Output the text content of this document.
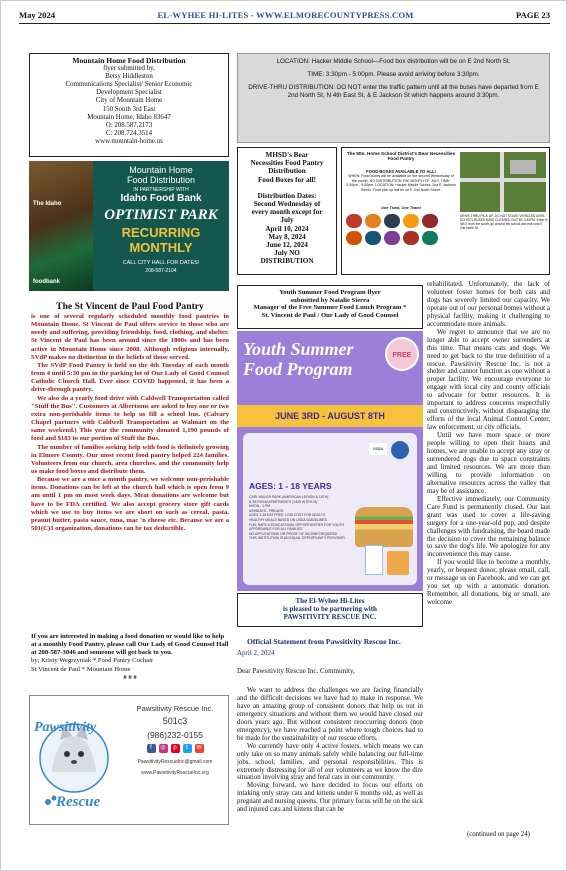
May 2024	EL-WYHEE HI-LITES - WWW.ELMORECOUNTYPRESS.COM	PAGE 23
Mountain Home Food Distribution
flyer submitted by,
Betsy Hiddleston
Communications Specialist/ Senior Economic
Development Specialist
City of Mountain Home
150 South 3rd East
Mountain Home, Idaho 83647
O: 208.587.2173
C: 208.724.3514
www.mountain-home.us
The Idaho
foodbank
Mountain Home
Food Distribution
IN PARTNERSHIP WITH
Idaho Food Bank
OPTIMIST PARK
RECURRING
MONTHLY
CALL CITY HALL FOR DATES!
208-587-2104
The St Vincent de Paul Food Pantry

is one of several regularly scheduled monthly food pantries in Mountain Home. St Vincent de Paul offers service to those who are needy and suffering, providing friendship, food, clothing, and shelter. St Vincent de Paul has been around since the 1800s and has been active in Mountain Home since 2008. Although religious internally, SVdP makes no distinction in the beliefs of those served.

The SVdP Food Pantry is held on the 4th Tuesday of each month from 4 until 5:30 pm in the parking lot of Our Lady of Good Counsel Catholic Church Hall. Ever since COVID happened, it has been a drive-through pantry.

We also do a yearly food drive with Caldwell Transportation called "Stuff the Bus". Customers at Albertsons are asked to buy one or two extra non-perishable items to help us fill a school bus. (Calvary Chapel partners with Caldwell Transportation at Walmart on the same weekend.) This year the community donated 1,190 pounds of food and $183 to our portion of Stuff the Bus.

The number of families seeking help with food is definitely growing in Elmore County. Our most recent food pantry helped 224 families. Volunteers from our church, area churches, and the community help us make food boxes and distribute them.

Because we are a once a month pantry, we welcome non-perishable items. Donations can be left at the church hall which is open from 9 am until 1 pm on most week days. Meat donations are welcome but have to be FDA certified. We also accept grocery store gift cards which we use to buy items we are short on such as cereal, pasta, peanut butter, pasta sauce, tuna, mac 'n cheese etc. Because we are a 501(C)3 organization, donations can be tax deductible.

If you are interested in making a food donation or would like to help at a monthly Food Pantry, please call Our Lady of Good Counsel Hall at 208-587-3046 and someone will get back to you.
by; Kristy Wegrzyniak * Food Pantry Cochair
St Vincent de Paul * Mountain Home
# # #
Pawsitivity
Rescue
Pawsitivity Rescue Inc.
501c3
(986)232-0155
f	◎	p	t	✉
PawsitivityRescueInc@gmail.com
www.PawsitivityRescueInc.org
LOCATION: Hacker Middle School—Food box distribution will be on E 2nd North St.
TIME: 3:30pm - 5:00pm. Please avoid arriving before 3:30pm.
DRIVE-THRU DISTRIBUTION: DO NOT enter the traffic pattern until all the buses have departed from E 2nd North St, N 4th East St, & E Jackson St which happens around 3:30pm.
MHSD's Bear
Necessities Food Pantry
Distribution
Food Boxes for all!
Distribution Dates:
Second Wednesday of
every month except for
July
April 10, 2024
May 8, 2024
June 12, 2024
July NO
DISTRIBUTION
The Mtn. Home School District's Bear Necessities Food Pantry
FOOD BOXES AVAILABLE TO ALL!
WHEN: Food boxes will be available on the second Wednesday of the month. NO DISTRIBUTION THE MONTH OF JULY. TIME: 3:30pm - 5:00pm. LOCATION: Hacker Middle School, 2nd E Jackson Street. Food pick up will be on E 2nd North Street.
One Town, One Team!
DRIVE-THRU PICK UP. DO NOT STAGE VEHICLES UNTIL SCHOOL BUSES HAVE CLEARED OUT BY 3:40PM. Enter N 4th E from the south, go around the school and exit onto E 2nd North St.
Youth Summer Food Program flyer
submitted by Natalie Sierra
Manager of the Free Summer Food Lunch Program *
St. Vincent de Paul / Our Lady of Good Counsel
FREE
Youth Summer
Food Program
JUNE 3RD - AUGUST 8TH
USDA
AGES: 1 - 18 YEARS
CARL MILLER PARK (AMERICAN LEGION & 10TH)
& SKYVIEW APARTMENTS (1425 W 5TH N)
NOON - 1 PM
MONDAYS - FRIDAYS
AGES 1-18 EAT FREE, LOW COST FOR ADULTS
HEALTHY MEALS BASED ON USDA GUIDELINES
FUN, SAFE & EDUCATIONAL OPPORTUNITIES FOR YOUTH
AFFORDABLE FOR ALL FAMILIES
NO APPLICATIONS OR PROOF OF INCOME REQUIRED
THIS INSTITUTION IS AN EQUAL OPPORTUNITY PROVIDER
The El-Wyhee Hi-Lites
is pleased to be partnering with
PAWSITIVITY RESCUE INC.
Official Statement from Pawsitivity Rescue Inc.
April 2, 2024
Dear Pawsitivity Rescue Inc. Community,

We want to address the challenges we are facing financially and the difficult decisions we have had to make in response. We have an amazing group of consistent donors that help us out in emergency situations and without them we would have closed our doors years ago. But without consistent reoccurring donors (non emergency), we have reached a point where tough choices had to be made for the sustainability of our rescue efforts.

We currently have only 4 active fosters, which means we can only take on so many animals safely while balancing our full-time jobs, school, families, and personal responsibilities. This is extremely distressing for all of our volunteers as we know the dire situation involving stray and feral cats in our community.

Moving forward, we have decided to focus our efforts on intaking only stray cats and kittens under 6 months old, as well as pregnant and nursing queens. Our primary focus will be on the sick and injured cats and kittens that can be

rehabilitated. Unfortunately, the lack of volunteer foster homes for both cats and dogs has severely limited our capacity. We operate out of our personal homes without a physical facility, making it challenging to accommodate more animals.

We regret to announce that we are no longer able to accept owner surrenders at this time. That means cats and dogs. We need to get back to the true definition of a rescue. Pawsitivity Rescue Inc. is not a shelter and cannot function as one without a proper facility. We encourage everyone to engage with local city and county officials to advocate for better resources. It is important to address concerns respectfully and constructively, without disparaging the efforts of the local Animal Control Center, law enforcement, or city officials.

Until we have more space or more people willing to open their hearts and homes, we are unable to accept any stray or surrendered dogs due to space constraints and limited resources. We are more than willing to provide information on alternative resources across the valley that may be of assistance.

Effective immediately, our Community Care Fund is permanently closed. Our last grant was used to cover a life-saving surgery for a one-year-old pup, and despite challenges with fundraising, the board made the decision to cover the remaining balance to save the dog's life. We apologize for any inconvenience this may cause.

If you would like to become a monthly, yearly, or bequest donor, please email, call, or message us on Facebook, and we can get you set up with a automatic donation. Remember, all donations, big or small, are welcome

(continued on page 24)
